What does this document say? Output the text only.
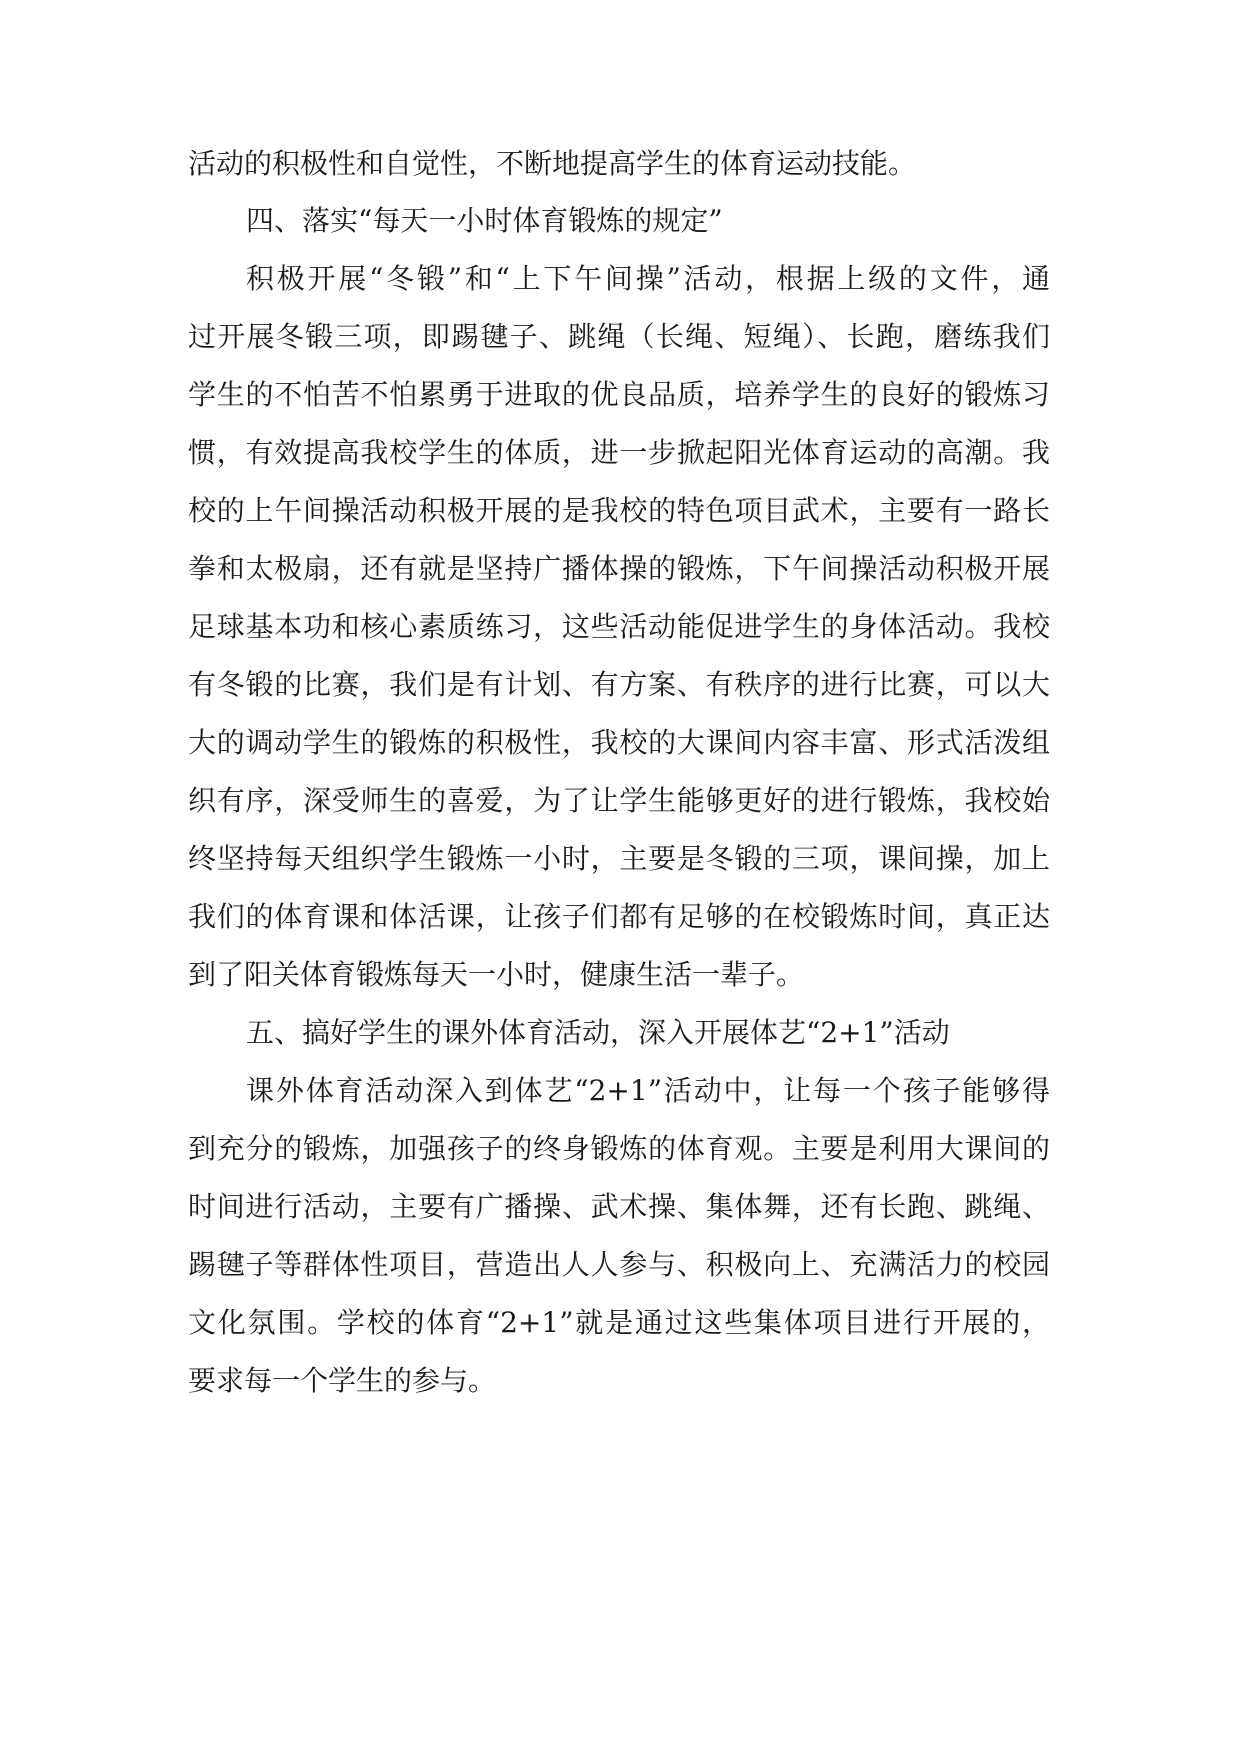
活动的积极性和自觉性，不断地提高学生的体育运动技能。
四、落实“每天一小时体育锻炼的规定”
积极开展“冬锻”和“上下午间操”活动，根据上级的文件，通
过开展冬锻三项，即踢毽子、跳绳（长绳、短绳）、长跑，磨练我们
学生的不怕苦不怕累勇于进取的优良品质，培养学生的良好的锻炼习
惯，有效提高我校学生的体质，进一步掀起阳光体育运动的高潮。我
校的上午间操活动积极开展的是我校的特色项目武术，主要有一路长
拳和太极扇，还有就是坚持广播体操的锻炼，下午间操活动积极开展
足球基本功和核心素质练习，这些活动能促进学生的身体活动。我校
有冬锻的比赛，我们是有计划、有方案、有秩序的进行比赛，可以大
大的调动学生的锻炼的积极性，我校的大课间内容丰富、形式活泼组
织有序，深受师生的喜爱，为了让学生能够更好的进行锻炼，我校始
终坚持每天组织学生锻炼一小时，主要是冬锻的三项，课间操，加上
我们的体育课和体活课，让孩子们都有足够的在校锻炼时间，真正达
到了阳关体育锻炼每天一小时，健康生活一辈子。
五、搞好学生的课外体育活动，深入开展体艺“2+1”活动
课外体育活动深入到体艺“2+1”活动中，让每一个孩子能够得
到充分的锻炼，加强孩子的终身锻炼的体育观。主要是利用大课间的
时间进行活动，主要有广播操、武术操、集体舞，还有长跑、跳绳、
踢毽子等群体性项目，营造出人人参与、积极向上、充满活力的校园
文化氛围。学校的体育“2+1”就是通过这些集体项目进行开展的，
要求每一个学生的参与。
